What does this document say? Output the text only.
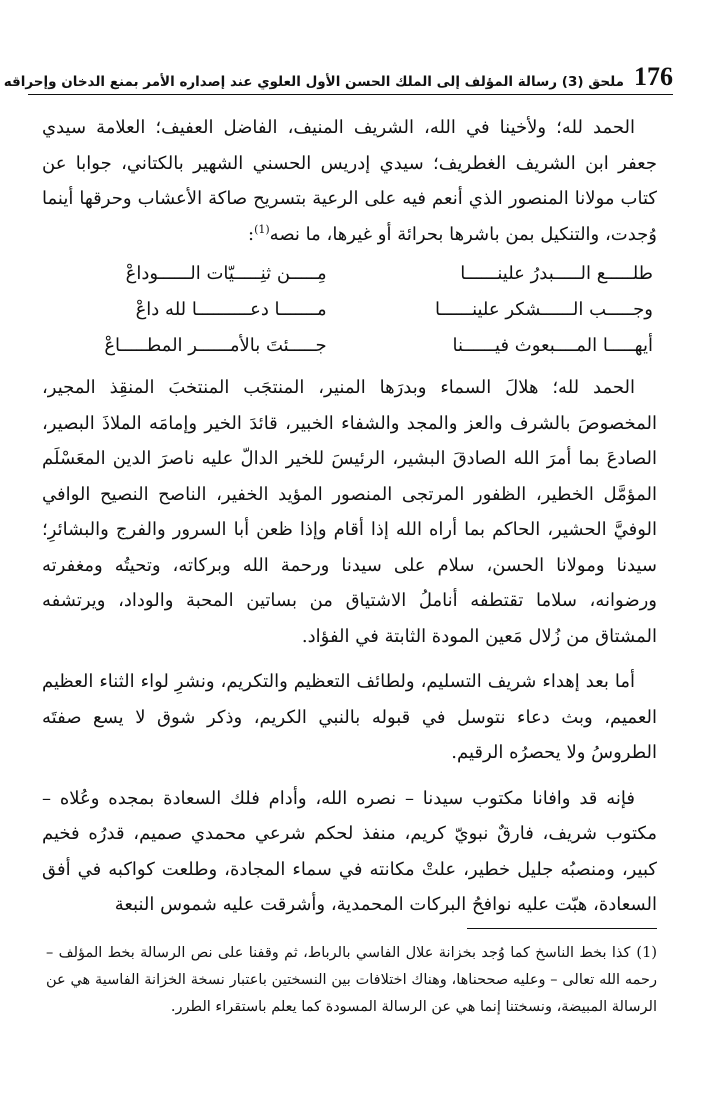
176
ملحق (3) رسالة المؤلف إلى الملك الحسن الأول العلوي عند إصداره الأمر بمنع الدخان وإحراقه

الحمد لله؛ ولأخينا في الله، الشريف المنيف، الفاضل العفيف؛ العلامة سيدي جعفر ابن الشريف الغطريف؛ سيدي إدريس الحسني الشهير بالكتاني، جوابا عن كتاب مولانا المنصور الذي أنعم فيه على الرعية بتسريح صاكة الأعشاب وحرقها أينما وُجدت، والتنكيل بمن باشرها بحرائة أو غيرها، ما نصه$^{(1)}$:

طلـــــع الـــــبدرُ علينــــــا
مِـــــن ثنِـــــيّات الــــــوداعْ
وجـــــب الــــــشكر علينــــــا
مـــــــا دعــــــــــا لله داعْ
أيهـــــا المــــبعوث فيــــــنا
جـــــئتَ بالأمــــــر المطـــــاعْ

الحمد لله؛ هلالَ السماء وبدرَها المنير، المنتجَب المنتخبَ المنقِذ المجير، المخصوصَ بالشرف والعز والمجد والشفاء الخبير، قائدَ الخير وإمامَه الملاذَ البصير، الصادعَ بما أمرَ الله الصادقَ البشير، الرئيسَ للخير الدالّ عليه ناصرَ الدين المعَسْلَم المؤمَّل الخطير، الظفور المرتجى المنصور المؤيد الخفير، الناصح النصيح الوافي الوفيَّ الحشير، الحاكم بما أراه الله إذا أقام وإذا ظعن أبا السرور والفرج والبشائرِ؛ سيدنا ومولانا الحسن، سلام على سيدنا ورحمة الله وبركاته، وتحيتُه ومغفرته ورضوانه، سلاما تقتطفه أناملُ الاشتياق من بساتين المحبة والوداد، ويرتشفه المشتاق من زُلال مَعين المودة الثابتة في الفؤاد.

أما بعد إهداء شريف التسليم، ولطائف التعظيم والتكريم، ونشرِ لواء الثناء العظيم العميم، وبث دعاء نتوسل في قبوله بالنبي الكريم، وذكر شوق لا يسع صفتَه الطروسُ ولا يحصرُه الرقيم.

فإنه قد وافانا مكتوب سيدنا – نصره الله، وأدام فلك السعادة بمجده وعُلاه – مكتوب شريف، فارقٌ نبويّ كريم، منفذ لحكم شرعي محمدي صميم، قدرُه فخيم كبير، ومنصبُه جليل خطير، علتْ مكانته في سماء المجادة، وطلعت كواكبه في أفق السعادة، هبّت عليه نوافحُ البركات المحمدية، وأشرقت عليه شموس النبعة

(1)كذا بخط الناسخ كما وُجد بخزانة علال الفاسي بالرباط، ثم وقفنا على نص الرسالة بخط المؤلف – رحمه الله تعالى – وعليه صححناها، وهناك اختلافات بين النسختين باعتبار نسخة الخزانة الفاسية هي عن الرسالة المبيضة، ونسختنا إنما هي عن الرسالة المسودة كما يعلم باستقراء الطرر.
